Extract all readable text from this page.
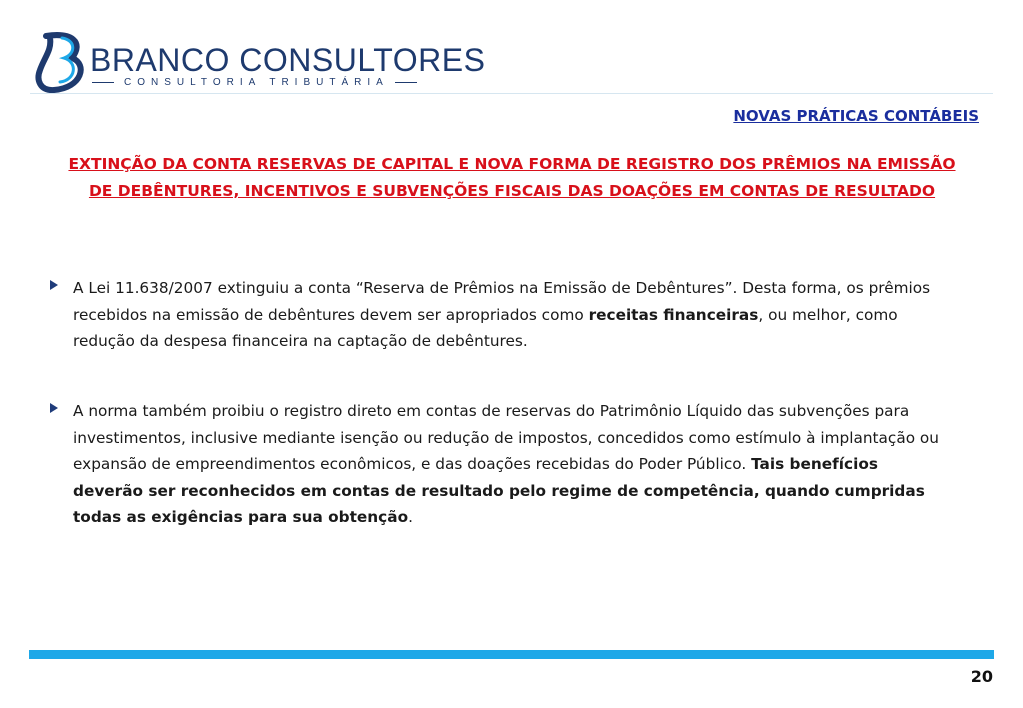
B
BRANCO CONSULTORES
CONSULTORIA TRIBUTÁRIA
NOVAS PRÁTICAS CONTÁBEIS
EXTINÇÃO DA CONTA RESERVAS DE CAPITAL E NOVA FORMA DE REGISTRO DOS PRÊMIOS NA EMISSÃO DE DEBÊNTURES, INCENTIVOS E SUBVENÇÕES FISCAIS DAS DOAÇÕES EM CONTAS DE RESULTADO
A Lei 11.638/2007 extinguiu a conta “Reserva de Prêmios na Emissão de Debêntures”. Desta forma, os prêmios recebidos na emissão de debêntures devem ser apropriados como receitas financeiras, ou melhor, como redução da despesa financeira na captação de debêntures.
A norma também proibiu o registro direto em contas de reservas do Patrimônio Líquido das subvenções para investimentos, inclusive mediante isenção ou redução de impostos, concedidos como estímulo à implantação ou expansão de empreendimentos econômicos, e das doações recebidas do Poder Público. Tais benefícios deverão ser reconhecidos em contas de resultado pelo regime de competência, quando cumpridas todas as exigências para sua obtenção.
20
